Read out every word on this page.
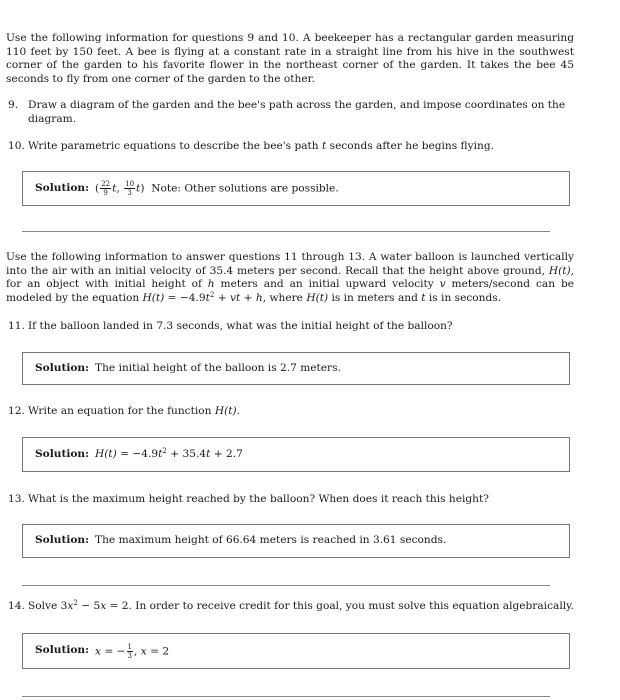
Use the following information for questions 9 and 10. A beekeeper has a rectangular garden measuring 110 feet by 150 feet. A bee is flying at a constant rate in a straight line from his hive in the southwest corner of the garden to his favorite flower in the northeast corner of the garden. It takes the bee 45 seconds to fly from one corner of the garden to the other.
9. Draw a diagram of the garden and the bee's path across the garden, and impose coordinates on the diagram.
10. Write parametric equations to describe the bee's path t seconds after he begins flying.
Solution: ( $\frac{22}{9} t$, $\frac{10}{3} t$) Note: Other solutions are possible.
Use the following information to answer questions 11 through 13. A water balloon is launched vertically into the air with an initial velocity of 35.4 meters per second. Recall that the height above ground, H(t), for an object with initial height of h meters and an initial upward velocity v meters/second can be modeled by the equation $H(t) = -4.9t^2$ + vt + h, where H(t) is in meters and t is in seconds.
11. If the balloon landed in 7.3 seconds, what was the initial height of the balloon?
Solution: The initial height of the balloon is 2.7 meters.
12. Write an equation for the function H(t).
Solution: $H(t) = -4.9t^2 + 35.4t + 2.7$
13. What is the maximum height reached by the balloon? When does it reach this height?
Solution: The maximum height of 66.64 meters is reached in 3.61 seconds.
14. Solve $3x^2 - 5x = 2$. In order to receive credit for this goal, you must solve this equation algebraically.
Solution: x = − $\frac{1}{3}$ , x = 2
